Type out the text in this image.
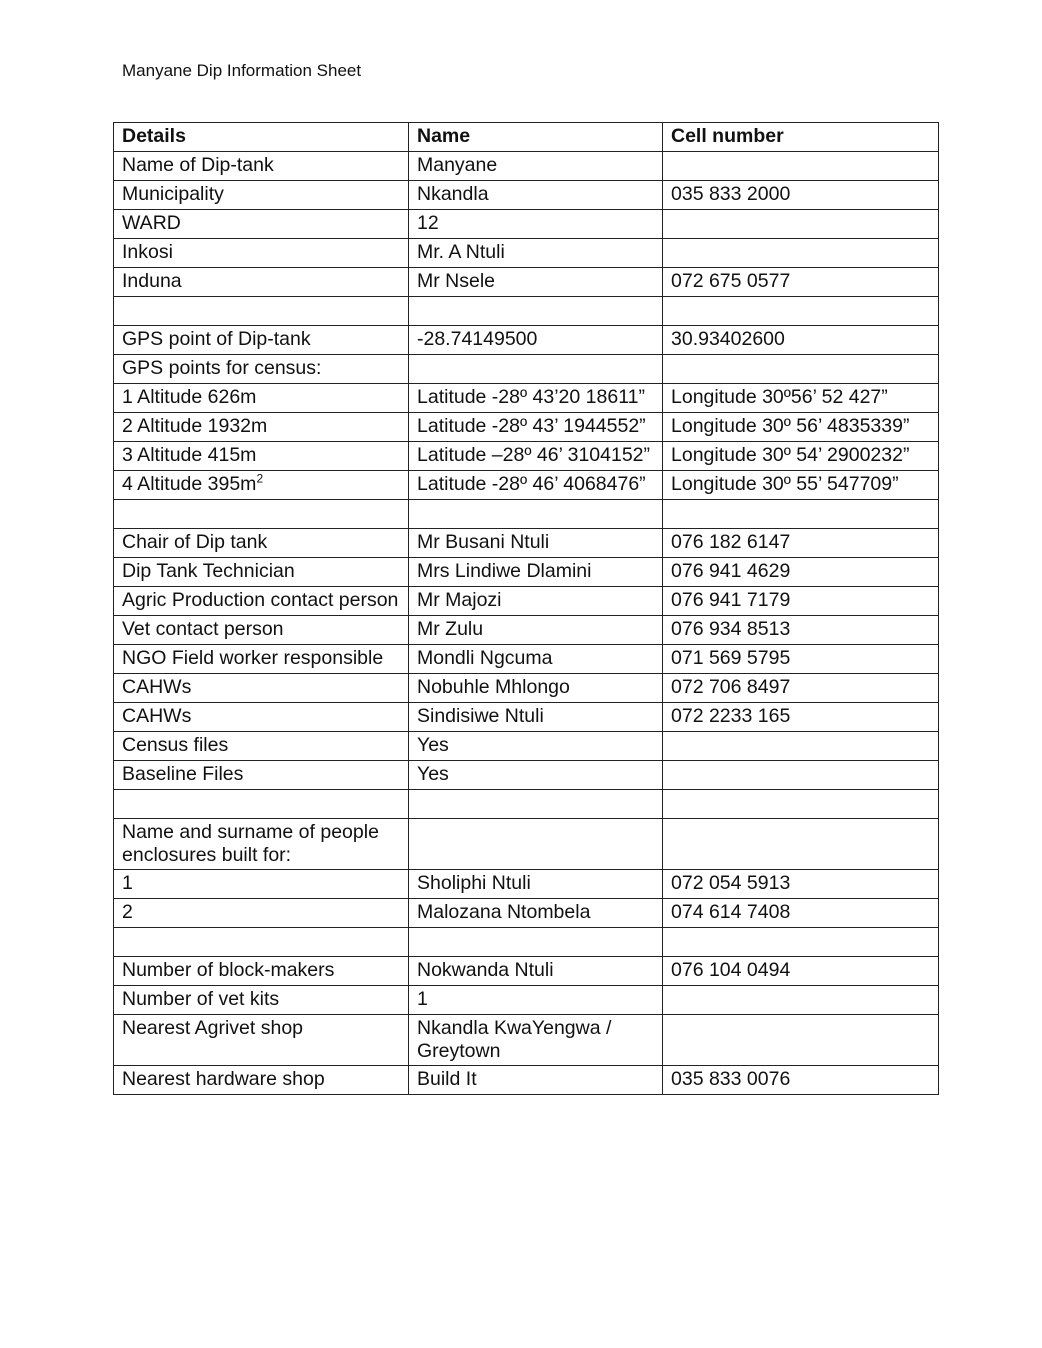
Manyane Dip Information Sheet
Details	Name	Cell number
Name of Dip-tank	Manyane	
Municipality	Nkandla	035 833 2000
WARD	12	
Inkosi	Mr. A Ntuli	
Induna	Mr Nsele	072 675 0577

GPS point of Dip-tank	-28.74149500	30.93402600
GPS points for census:		
1 Altitude 626m	Latitude -28º 43’20 18611”	Longitude 30º56’ 52 427”
2 Altitude 1932m	Latitude -28º 43’ 1944552”	Longitude 30º 56’ 4835339”
3 Altitude 415m	Latitude –28º 46’ 3104152”	Longitude 30º 54’ 2900232”
4 Altitude $395m^2$	Latitude -28º 46’ 4068476”	Longitude 30º 55’ 547709”

Chair of Dip tank	Mr Busani Ntuli	076 182 6147
Dip Tank Technician	Mrs Lindiwe Dlamini	076 941 4629
Agric Production contact person	Mr Majozi	076 941 7179
Vet contact person	Mr Zulu	076 934 8513
NGO Field worker responsible	Mondli Ngcuma	071 569 5795
CAHWs	Nobuhle Mhlongo	072 706 8497
CAHWs	Sindisiwe Ntuli	072 2233 165
Census files	Yes	
Baseline Files	Yes	

Name and surname of people enclosures built for:		
1	Sholiphi Ntuli	072 054 5913
2	Malozana Ntombela	074 614 7408

Number of block-makers	Nokwanda Ntuli	076 104 0494
Number of vet kits	1	
Nearest Agrivet shop	Nkandla KwaYengwa / Greytown	
Nearest hardware shop	Build It	035 833 0076
